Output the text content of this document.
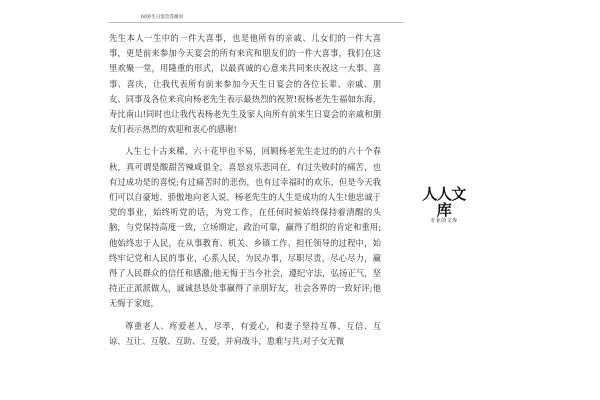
60岁生日宴会答谢词

先生本人一生中的一件大喜事，也是他所有的亲戚、儿女们的一件大喜事，更是前来参加今天宴会的所有来宾和朋友们的一件大喜事，我们在这里欢聚一堂，用隆重的形式，以最真诚的心意来共同来庆祝这一大事、喜事、喜庆，让我代表所有前来参加今天生日宴会的各位长辈、亲戚、朋友、同事及各位来宾向杨老先生表示最热烈的祝贺!祝杨老先生福如东海，寿比南山!同时也让我代表杨老先生及家人向所有前来生日宴会的亲戚和朋友们表示热烈的欢迎和衷心的感谢!

人生七十古来稀，六十花甲也不易，回顾杨老先生走过的的六十个春秋，真可谓是酸甜苦辣咸俱全，喜怒哀乐悲同在，有过失败时的痛苦，也有过成功是的喜悦;有过痛苦时的悲伤，也有过幸福时的欢乐，但是今天我们可以自豪地、骄傲地向老人说，杨老先生的人生是成功的人生!他忠诚于党的事业，始终听党的话，为党工作，在任何时候始终保持着清醒的头脑，与党保持高度一致，立场期定，政治可靠，赢得了组织的肯定和重用;他始终忠于人民，在从事教育、机关、乡镇工作、担任领导的过程中，始终牢记党和人民的事业，心系人民，为民办事，尽职尽责，尽心尽力，赢得了人民群众的信任和感激;他无悔于当今社会，遵纪守法，弘扬正气，坚持正正派派做人，诚诚恳恳处事赢得了亲朋好友，社会各界的一致好评;他无悔于家庭，

尊重老人、疼爱老人，尽孝，有爱心，和妻子坚持互尊、互信、互谅、互让、互敬、互助、互爱，并肩战斗，患难与共;对子女无微

人人文库
专业的文库
